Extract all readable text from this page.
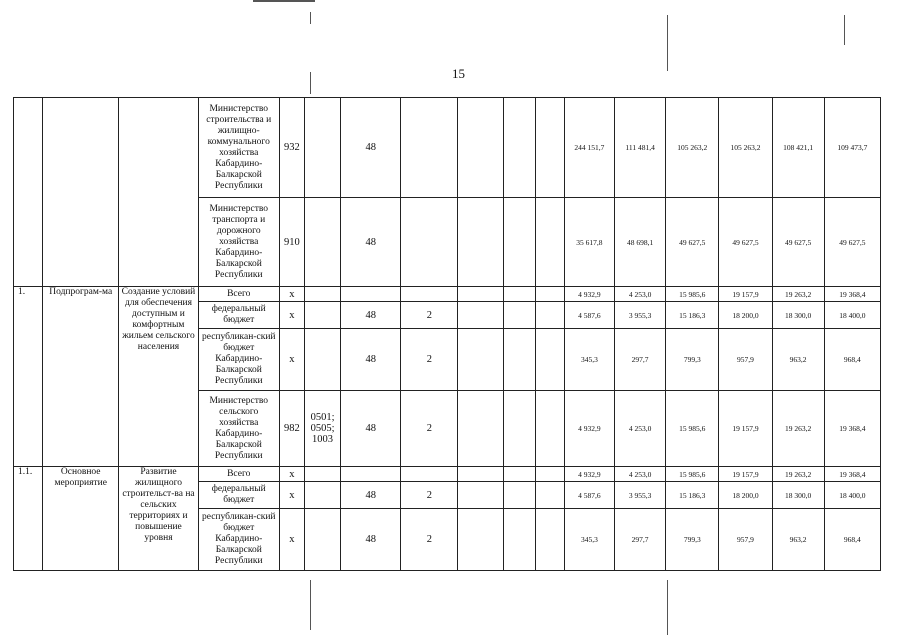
15
			Министерство строительства и жилищно-коммунального хозяйства Кабардино-Балкарской Республики	932		48					244 151,7	111 481,4	105 263,2	105 263,2	108 421,1	109 473,7
			Министерство транспорта и дорожного хозяйства Кабардино-Балкарской Республики	910		48					35 617,8	48 698,1	49 627,5	49 627,5	49 627,5	49 627,5
1.	Подпрограм-ма	Создание условий для обеспечения доступным и комфортным жильем сельского населения	Всего	х							4 932,9	4 253,0	15 985,6	19 157,9	19 263,2	19 368,4
			федеральный бюджет	х		48	2				4 587,6	3 955,3	15 186,3	18 200,0	18 300,0	18 400,0
			республикан-ский бюджет Кабардино-Балкарской Республики	х		48	2				345,3	297,7	799,3	957,9	963,2	968,4
			Министерство сельского хозяйства Кабардино-Балкарской Республики	982	0501; 0505; 1003	48	2				4 932,9	4 253,0	15 985,6	19 157,9	19 263,2	19 368,4
1.1.	Основное мероприятие	Развитие жилищного строительст-ва на сельских территориях и повышение уровня	Всего	х							4 932,9	4 253,0	15 985,6	19 157,9	19 263,2	19 368,4
			федеральный бюджет	х		48	2				4 587,6	3 955,3	15 186,3	18 200,0	18 300,0	18 400,0
			республикан-ский бюджет Кабардино-Балкарской Республики	х		48	2				345,3	297,7	799,3	957,9	963,2	968,4
